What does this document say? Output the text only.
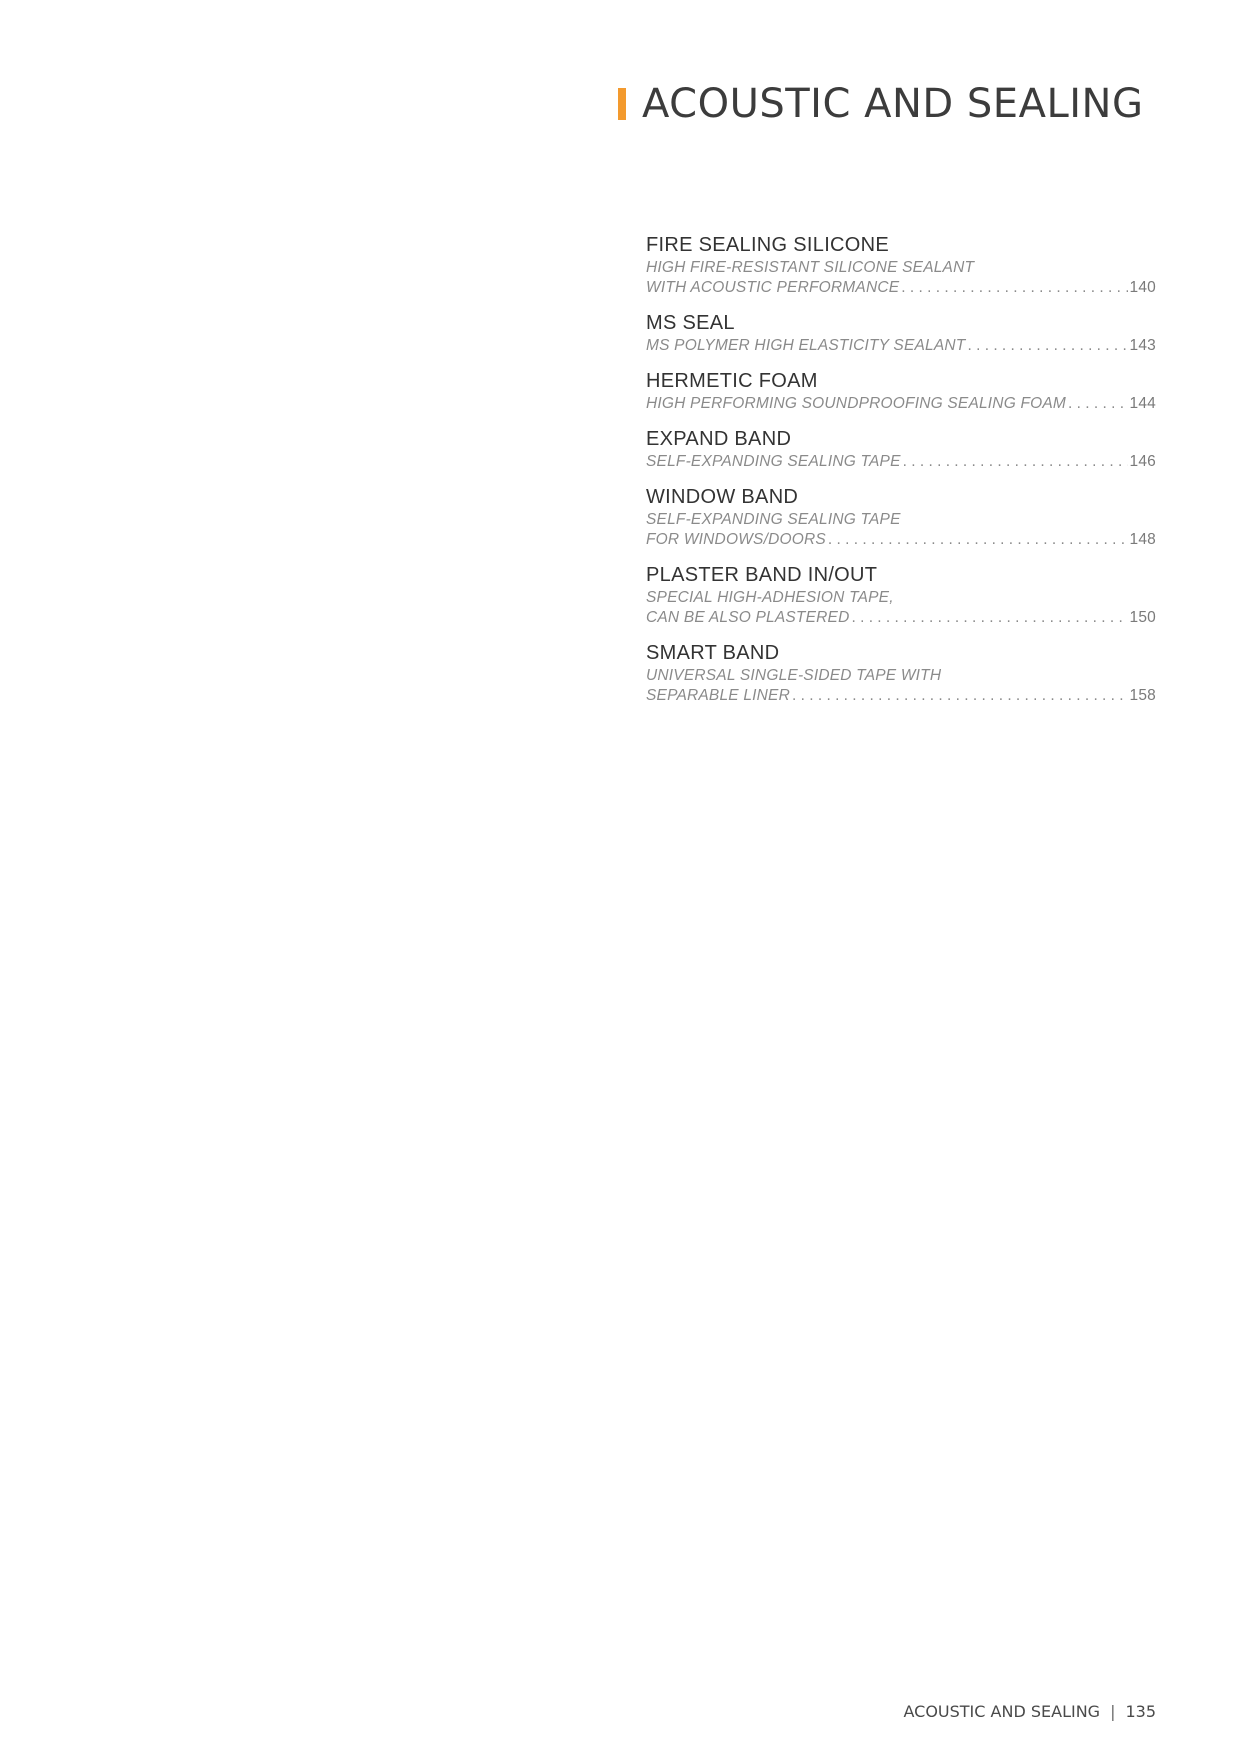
ACOUSTIC AND SEALING
FIRE SEALING SILICONE
HIGH FIRE-RESISTANT SILICONE SEALANT
WITH ACOUSTIC PERFORMANCE . . .	140
MS SEAL
MS POLYMER HIGH ELASTICITY SEALANT . . .	143
HERMETIC FOAM
HIGH PERFORMING SOUNDPROOFING SEALING FOAM . . .	144
EXPAND BAND
SELF-EXPANDING SEALING TAPE . . .	146
WINDOW BAND
SELF-EXPANDING SEALING TAPE
FOR WINDOWS/DOORS . . .	148
PLASTER BAND IN/OUT
SPECIAL HIGH-ADHESION TAPE,
CAN BE ALSO PLASTERED . . .	150
SMART BAND
UNIVERSAL SINGLE-SIDED TAPE WITH
SEPARABLE LINER . . .	158
ACOUSTIC AND SEALING | 135
